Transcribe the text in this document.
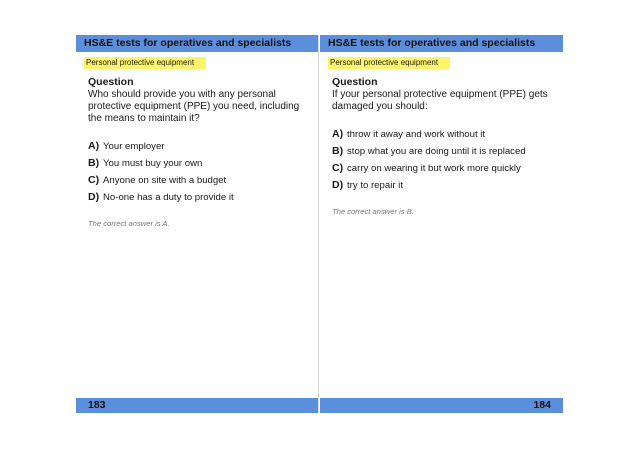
HS&E tests for operatives and specialists
Personal protective equipment
Question
Who should provide you with any personal protective equipment (PPE) you need, including the means to maintain it?
A) Your employer
B) You must buy your own
C) Anyone on site with a budget
D) No-one has a duty to provide it
The correct answer is A.
183
HS&E tests for operatives and specialists
Personal protective equipment
Question
If your personal protective equipment (PPE) gets damaged you should:
A) throw it away and work without it
B) stop what you are doing until it is replaced
C) carry on wearing it but work more quickly
D) try to repair it
The correct answer is B.
184
